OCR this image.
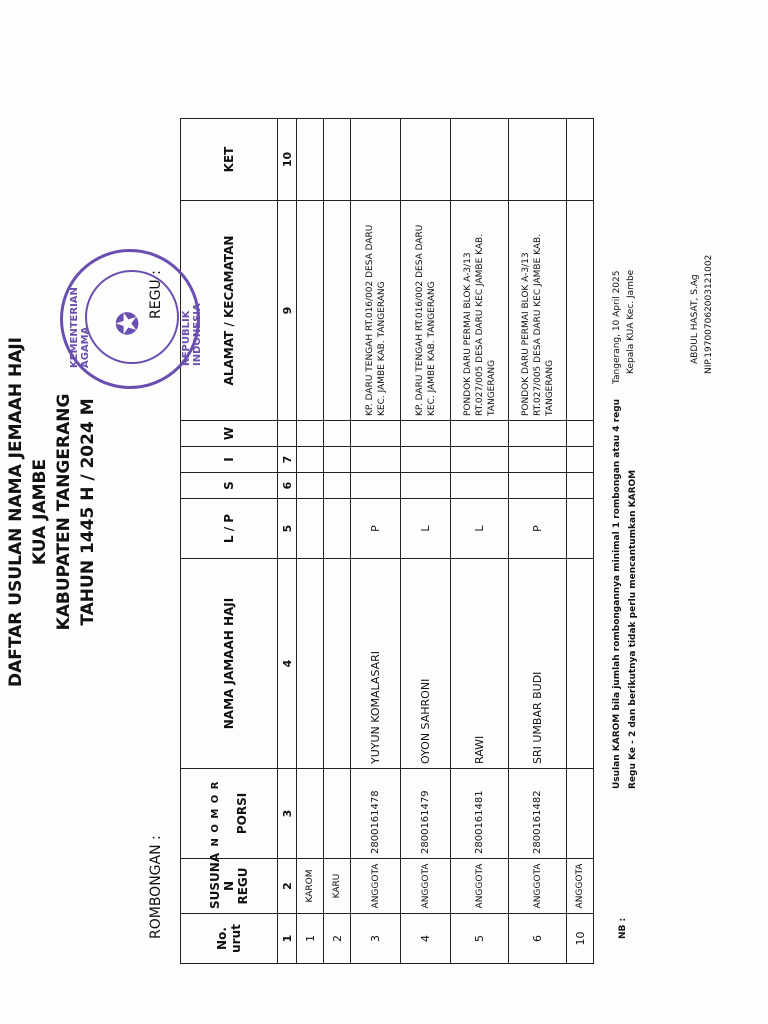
DAFTAR USULAN NAMA JEMAAH HAJI KUA JAMBE KABUPATEN TANGERANG TAHUN 1445 H / 2024 M
ROMBONGAN :
REGU :
No. urut	SUSUNA N REGU	N O M O R PORSI	NAMA JAMAAH HAJI	L / P	S	I	W	ALAMAT / KECAMATAN	KET
1	2	3	4	5	6	7		9	10
1	KAROM								
2	KARU								
3	ANGGOTA	2800161478	YUYUN KOMALASARI	P				KP. DARU TENGAH RT.016/002 DESA DARU KEC. JAMBE KAB. TANGERANG	
4	ANGGOTA	2800161479	OYON SAHRONI	L				KP. DARU TENGAH RT.016/002 DESA DARU KEC. JAMBE KAB. TANGERANG	
5	ANGGOTA	2800161481	RAWI	L				PONDOK DARU PERMAI BLOK A-3/13 RT.027/005 DESA DARU KEC JAMBE KAB. TANGERANG	
6	ANGGOTA	2800161482	SRI UMBAR BUDI	P				PONDOK DARU PERMAI BLOK A-3/13 RT.027/005 DESA DARU KEC JAMBE KAB. TANGERANG	
10	ANGGOTA								
NB :
Usulan KAROM bila jumlah rombongannya minimal 1 rombongan atau 4 regu Regu Ke - 2 dan berikutnya tidak perlu mencantumkan KAROM
KEMENTERIAN AGAMA
✪	REPUBLIK INDONESIA	Tangerang, 10 April 2025 Kepala KUA Kec. Jambe	ABDUL HASAT, S.Ag NIP.197007062003121002
